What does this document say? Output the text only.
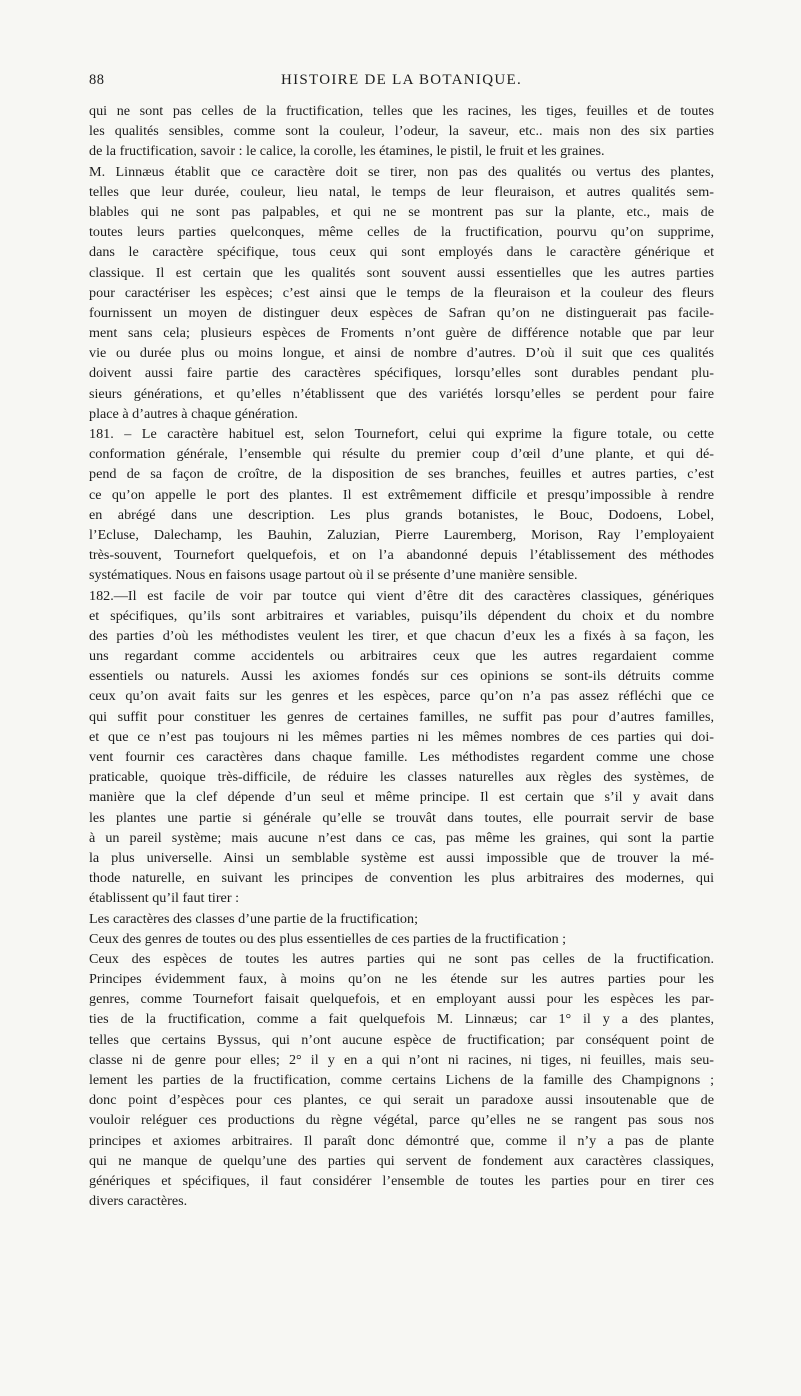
88	HISTOIRE DE LA BOTANIQUE.

qui ne sont pas celles de la fructification, telles que les racines, les tiges, feuilles et de toutes

les qualités sensibles, comme sont la couleur, l’odeur, la saveur, etc.. mais non des six parties

de la fructification, savoir : le calice, la corolle, les étamines, le pistil, le fruit et les graines.

M. Linnæus établit que ce caractère doit se tirer, non pas des qualités ou vertus des plantes,

telles que leur durée, couleur, lieu natal, le temps de leur fleuraison, et autres qualités sem-

blables qui ne sont pas palpables, et qui ne se montrent pas sur la plante, etc., mais de

toutes leurs parties quelconques, même celles de la fructification, pourvu qu’on supprime,

dans le caractère spécifique, tous ceux qui sont employés dans le caractère générique et

classique. Il est certain que les qualités sont souvent aussi essentielles que les autres parties

pour caractériser les espèces; c’est ainsi que le temps de la fleuraison et la couleur des fleurs

fournissent un moyen de distinguer deux espèces de Safran qu’on ne distinguerait pas facile-

ment sans cela; plusieurs espèces de Froments n’ont guère de différence notable que par leur

vie ou durée plus ou moins longue, et ainsi de nombre d’autres. D’où il suit que ces qualités

doivent aussi faire partie des caractères spécifiques, lorsqu’elles sont durables pendant plu-

sieurs générations, et qu’elles n’établissent que des variétés lorsqu’elles se perdent pour faire

place à d’autres à chaque génération.

181. – Le caractère habituel est, selon Tournefort, celui qui exprime la figure totale, ou cette

conformation générale, l’ensemble qui résulte du premier coup d’œil d’une plante, et qui dé-

pend de sa façon de croître, de la disposition de ses branches, feuilles et autres parties, c’est

ce qu’on appelle le port des plantes. Il est extrêmement difficile et presqu’impossible à rendre

en abrégé dans une description. Les plus grands botanistes, le Bouc, Dodoens, Lobel,

l’Ecluse, Dalechamp, les Bauhin, Zaluzian, Pierre Lauremberg, Morison, Ray l’employaient

très-souvent, Tournefort quelquefois, et on l’a abandonné depuis l’établissement des méthodes

systématiques. Nous en faisons usage partout où il se présente d’une manière sensible.

182.—Il est facile de voir par toutce qui vient d’être dit des caractères classiques, génériques

et spécifiques, qu’ils sont arbitraires et variables, puisqu’ils dépendent du choix et du nombre

des parties d’où les méthodistes veulent les tirer, et que chacun d’eux les a fixés à sa façon, les

uns regardant comme accidentels ou arbitraires ceux que les autres regardaient comme

essentiels ou naturels. Aussi les axiomes fondés sur ces opinions se sont-ils détruits comme

ceux qu’on avait faits sur les genres et les espèces, parce qu’on n’a pas assez réfléchi que ce

qui suffit pour constituer les genres de certaines familles, ne suffit pas pour d’autres familles,

et que ce n’est pas toujours ni les mêmes parties ni les mêmes nombres de ces parties qui doi-

vent fournir ces caractères dans chaque famille. Les méthodistes regardent comme une chose

praticable, quoique très-difficile, de réduire les classes naturelles aux règles des systèmes, de

manière que la clef dépende d’un seul et même principe. Il est certain que s’il y avait dans

les plantes une partie si générale qu’elle se trouvât dans toutes, elle pourrait servir de base

à un pareil système; mais aucune n’est dans ce cas, pas même les graines, qui sont la partie

la plus universelle. Ainsi un semblable système est aussi impossible que de trouver la mé-

thode naturelle, en suivant les principes de convention les plus arbitraires des modernes, qui

établissent qu’il faut tirer :

Les caractères des classes d’une partie de la fructification;

Ceux des genres de toutes ou des plus essentielles de ces parties de la fructification ;

Ceux des espèces de toutes les autres parties qui ne sont pas celles de la fructification.

Principes évidemment faux, à moins qu’on ne les étende sur les autres parties pour les

genres, comme Tournefort faisait quelquefois, et en employant aussi pour les espèces les par-

ties de la fructification, comme a fait quelquefois M. Linnæus; car 1° il y a des plantes,

telles que certains Byssus, qui n’ont aucune espèce de fructification; par conséquent point de

classe ni de genre pour elles; 2° il y en a qui n’ont ni racines, ni tiges, ni feuilles, mais seu-

lement les parties de la fructification, comme certains Lichens de la famille des Champignons ;

donc point d’espèces pour ces plantes, ce qui serait un paradoxe aussi insoutenable que de

vouloir reléguer ces productions du règne végétal, parce qu’elles ne se rangent pas sous nos

principes et axiomes arbitraires. Il paraît donc démontré que, comme il n’y a pas de plante

qui ne manque de quelqu’une des parties qui servent de fondement aux caractères classiques,

génériques et spécifiques, il faut considérer l’ensemble de toutes les parties pour en tirer ces

divers caractères.
